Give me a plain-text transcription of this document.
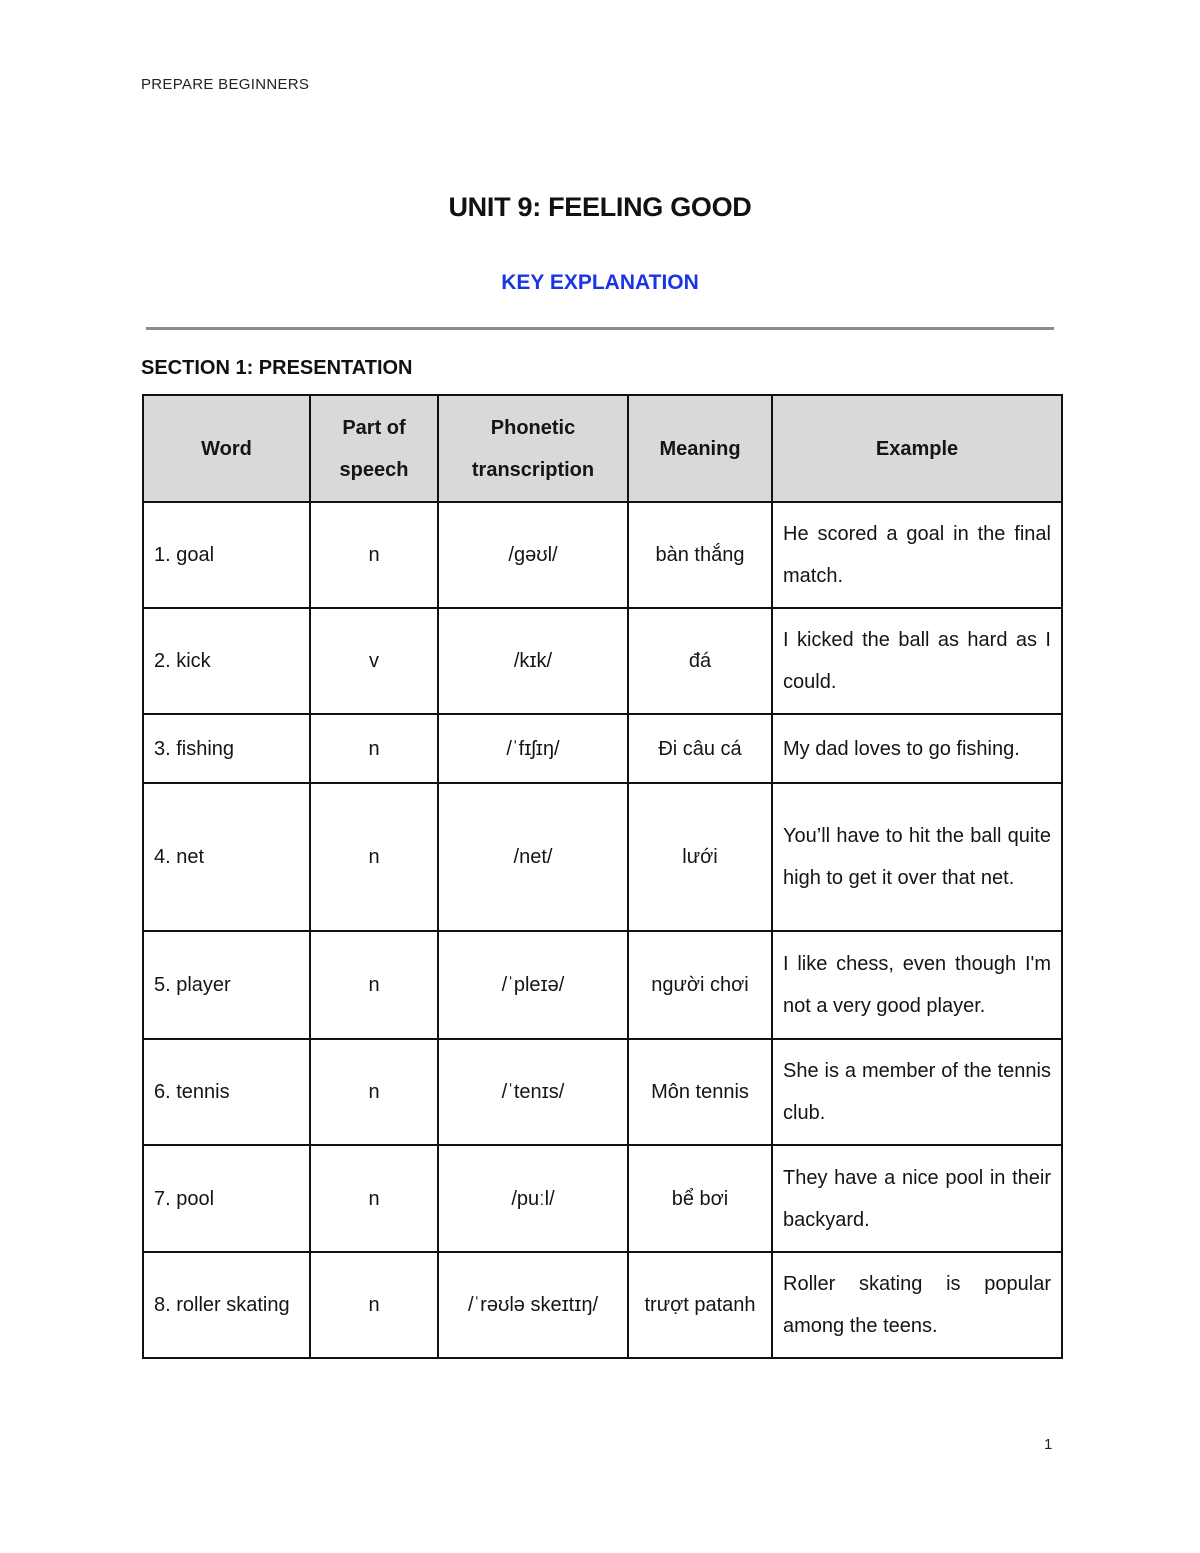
PREPARE BEGINNERS
UNIT 9: FEELING GOOD
KEY EXPLANATION
SECTION 1: PRESENTATION
Word	Part of speech	Phonetic transcription	Meaning	Example
1. goal	n	/ɡəʊl/	bàn thắng	He scored a goal in the final match.
2. kick	v	/kɪk/	đá	I kicked the ball as hard as I could.
3. fishing	n	/ˈfɪʃɪŋ/	Đi câu cá	My dad loves to go fishing.
4. net	n	/net/	lưới	You’ll have to hit the ball quite high to get it over that net.
5. player	n	/ˈpleɪə/	người chơi	I like chess, even though I'm not a very good player.
6. tennis	n	/ˈtenɪs/	Môn tennis	She is a member of the tennis club.
7. pool	n	/puːl/	bể bơi	They have a nice pool in their backyard.
8. roller skating	n	/ˈrəʊlə skeɪtɪŋ/	trượt patanh	Roller skating is popular among the teens.
1
